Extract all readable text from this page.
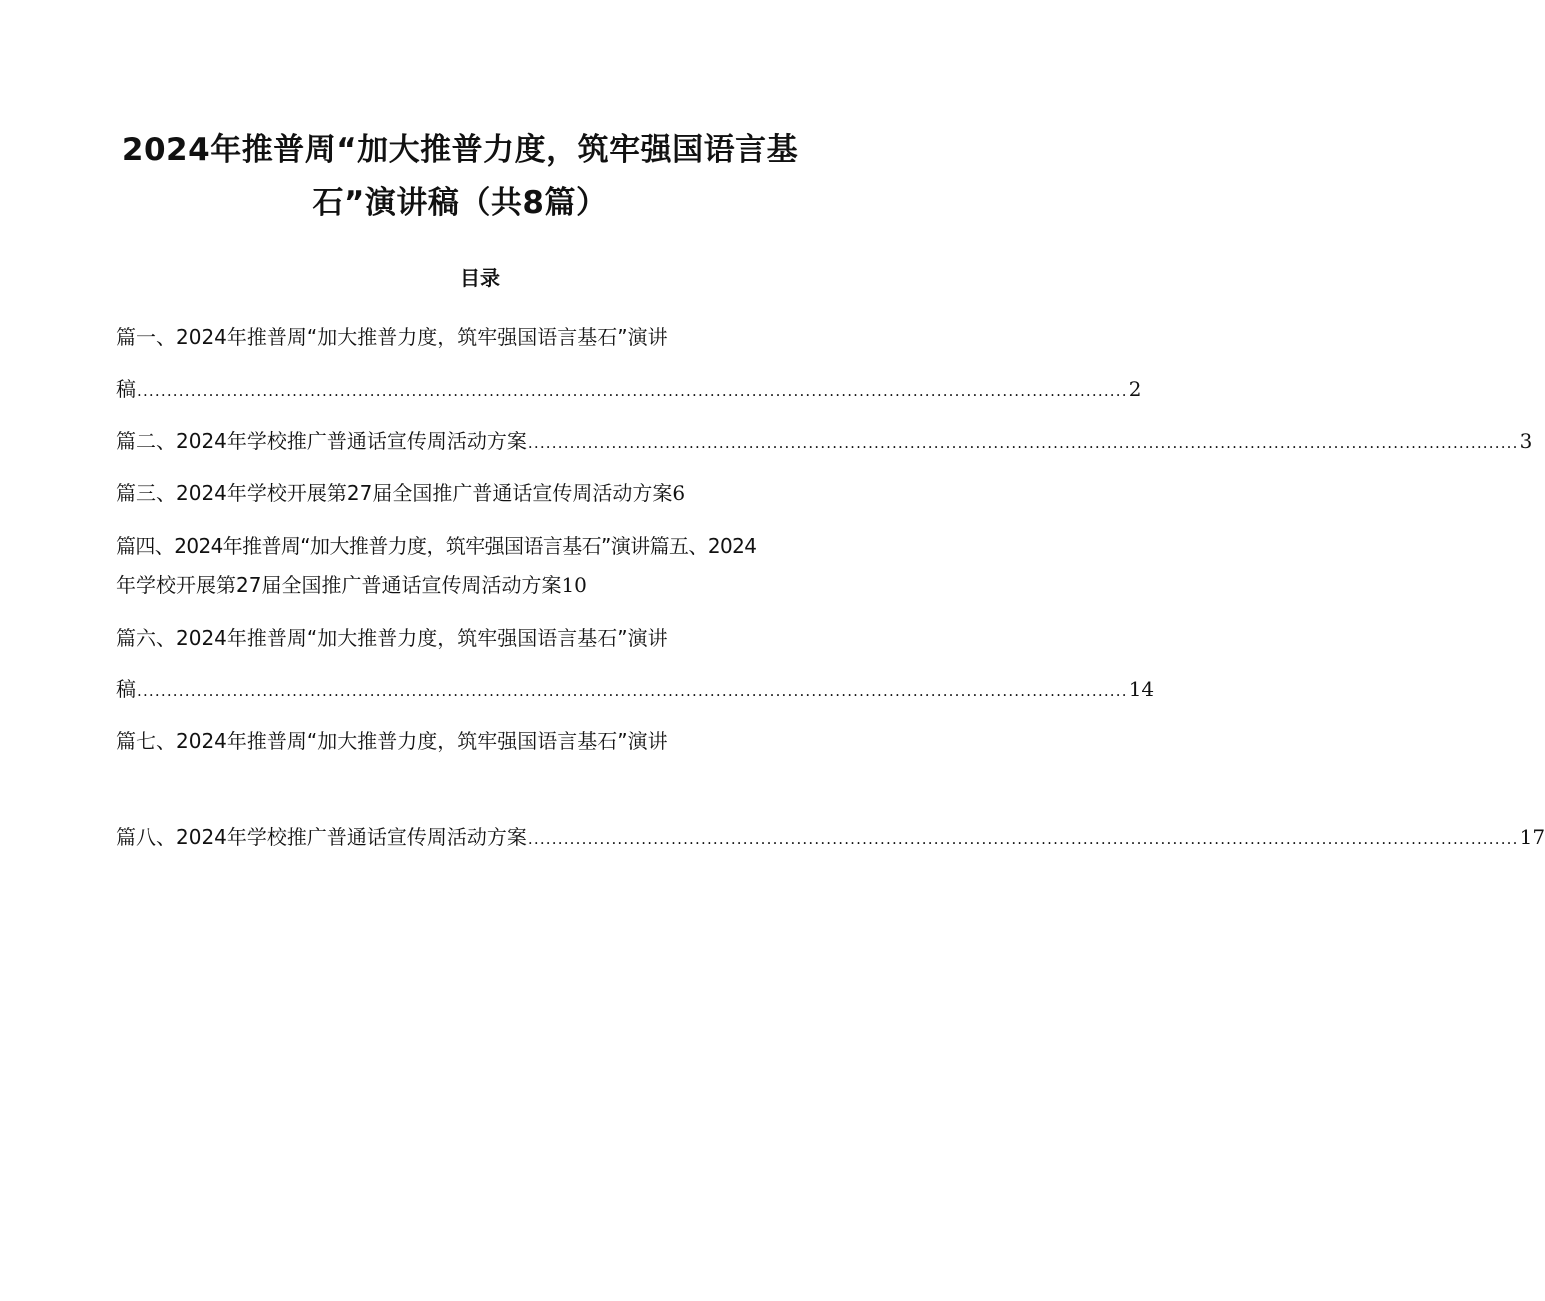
2024年推普周“加大推普力度，筑牢强国语言基
石”演讲稿（共8篇）
目录
篇一、2024年推普周“加大推普力度，筑牢强国语言基石”演讲
稿 ...................................................................................................................................................................... 2
篇二、2024年学校推广普通话宣传周活动方案 ...................................................................................................................................................................... 3
篇三、2024年学校开展第27届全国推广普通话宣传周活动方案6
篇四、2024年推普周“加大推普力度，筑牢强国语言基石”演讲篇五、2024
年学校开展第27届全国推广普通话宣传周活动方案10
篇六、2024年推普周“加大推普力度，筑牢强国语言基石”演讲
稿 ...................................................................................................................................................................... 14
篇七、2024年推普周“加大推普力度，筑牢强国语言基石”演讲
篇八、2024年学校推广普通话宣传周活动方案 ...................................................................................................................................................................... 17
